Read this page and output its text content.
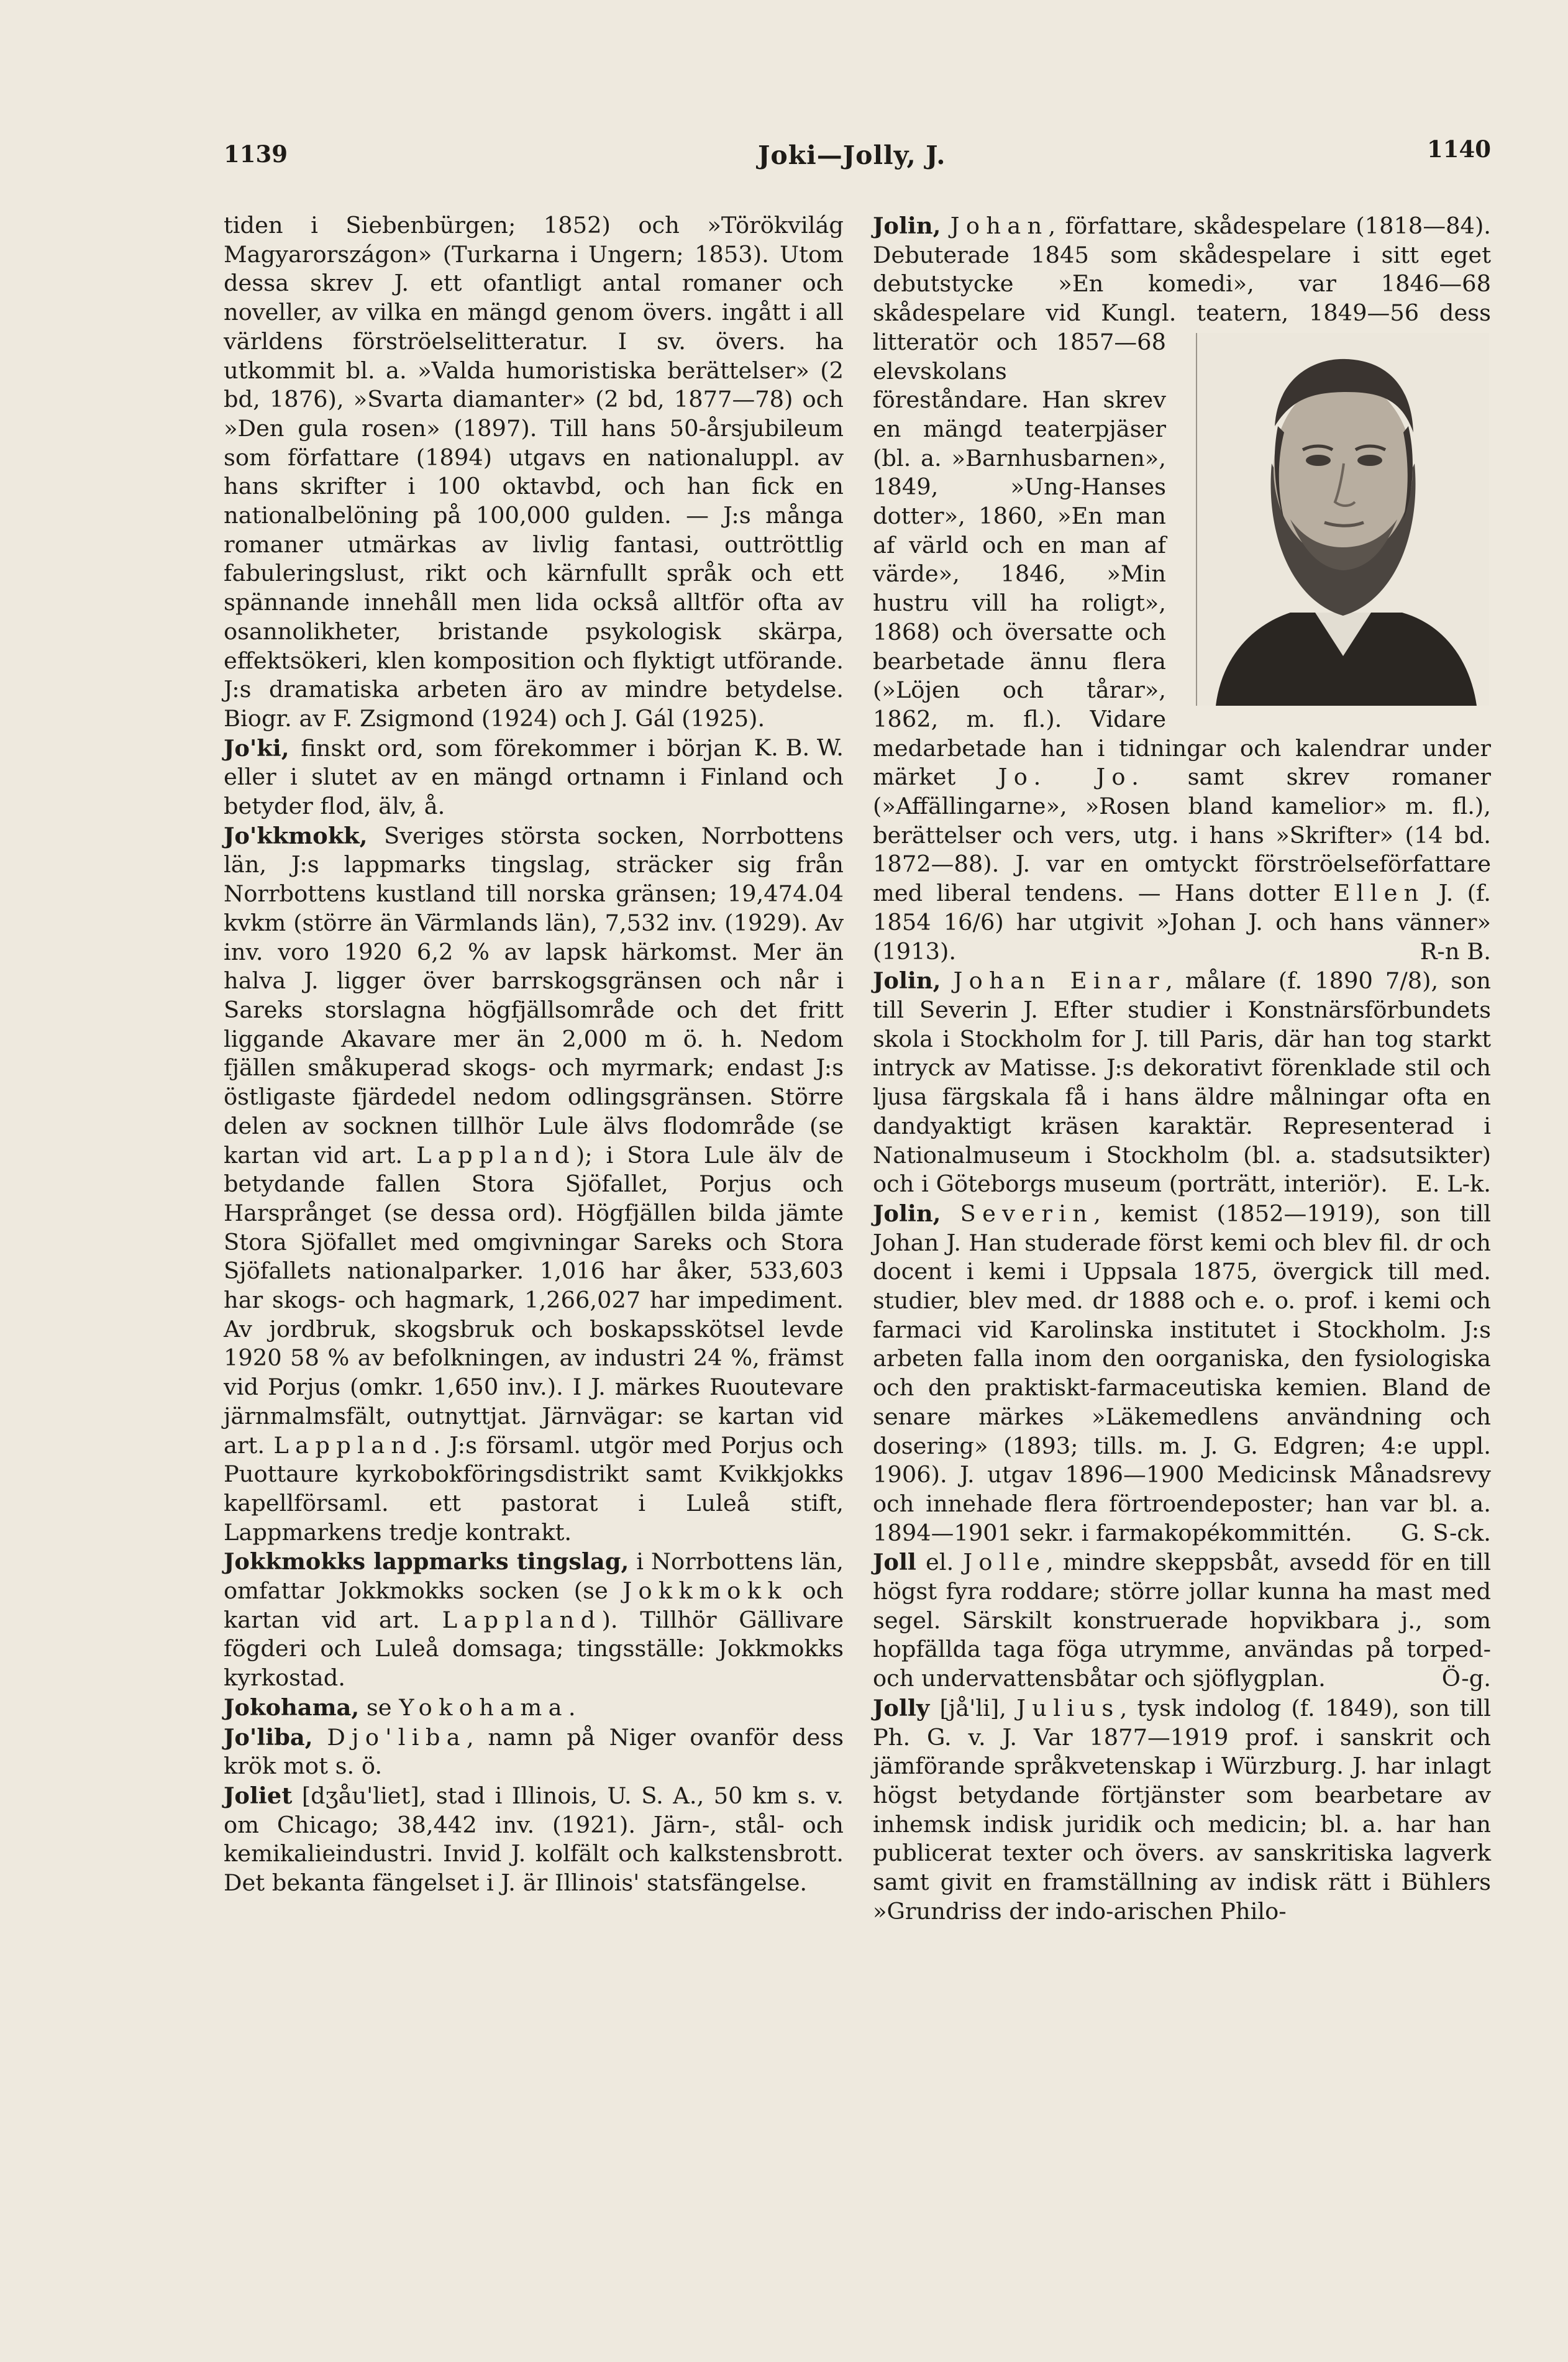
1139	Joki—Jolly, J.	1140

tiden i Siebenbürgen; 1852) och »Törökvilág Magyarországon» (Turkarna i Ungern; 1853). Utom dessa skrev J. ett ofantligt antal romaner och noveller, av vilka en mängd genom övers. ingått i all världens förströelselitteratur. I sv. övers. ha utkommit bl. a. »Valda humoristiska berättelser» (2 bd, 1876), »Svarta diamanter» (2 bd, 1877—78) och »Den gula rosen» (1897). Till hans 50-årsjubileum som författare (1894) utgavs en nationaluppl. av hans skrifter i 100 oktavbd, och han fick en nationalbelöning på 100,000 gulden. — J:s många romaner utmärkas av livlig fantasi, outtröttlig fabuleringslust, rikt och kärnfullt språk och ett spännande innehåll men lida också alltför ofta av osannolikheter, bristande psykologisk skärpa, effektsökeri, klen komposition och flyktigt utförande. J:s dramatiska arbeten äro av mindre betydelse. Biogr. av F. Zsigmond (1924) och J. Gál (1925).
K. B. W.

Jo'ki, finskt ord, som förekommer i början eller i slutet av en mängd ortnamn i Finland och betyder flod, älv, å.

Jo'kkmokk, Sveriges största socken, Norrbottens län, J:s lappmarks tingslag, sträcker sig från Norrbottens kustland till norska gränsen; 19,474.04 kvkm (större än Värmlands län), 7,532 inv. (1929). Av inv. voro 1920 6,2 % av lapsk härkomst. Mer än halva J. ligger över barrskogsgränsen och når i Sareks storslagna högfjällsområde och det fritt liggande Akavare mer än 2,000 m ö. h. Nedom fjällen småkuperad skogs- och myrmark; endast J:s östligaste fjärdedel nedom odlingsgränsen. Större delen av socknen tillhör Lule älvs flodområde (se kartan vid art. Lappland); i Stora Lule älv de betydande fallen Stora Sjöfallet, Porjus och Harsprånget (se dessa ord). Högfjällen bilda jämte Stora Sjöfallet med omgivningar Sareks och Stora Sjöfallets nationalparker. 1,016 har åker, 533,603 har skogs- och hagmark, 1,266,027 har impediment. Av jordbruk, skogsbruk och boskapsskötsel levde 1920 58 % av befolkningen, av industri 24 %, främst vid Porjus (omkr. 1,650 inv.). I J. märkes Ruoutevare järnmalmsfält, outnyttjat. Järnvägar: se kartan vid art. Lappland. J:s församl. utgör med Porjus och Puottaure kyrkobokföringsdistrikt samt Kvikkjokks kapellförsaml. ett pastorat i Luleå stift, Lappmarkens tredje kontrakt.

Jokkmokks lappmarks tingslag, i Norrbottens län, omfattar Jokkmokks socken (se Jokkmokk och kartan vid art. Lappland). Tillhör Gällivare fögderi och Luleå domsaga; tingsställe: Jokkmokks kyrkostad.

Jokohama, se Yokohama.

Jo'liba, Djo'liba, namn på Niger ovanför dess krök mot s. ö.

Joliet [dʒåu'liet], stad i Illinois, U. S. A., 50 km s. v. om Chicago; 38,442 inv. (1921). Järn-, stål- och kemikalieindustri. Invid J. kolfält och kalkstensbrott. Det bekanta fängelset i J. är Illinois' statsfängelse.

Jolin, Johan, författare, skådespelare (1818—84). Debuterade 1845 som skådespelare i sitt eget debutstycke »En komedi», var 1846—68 skådespelare vid Kungl. teatern, 1849—56 dess litteratör och 1857—68 elevskolans föreståndare. Han skrev en mängd teaterpjäser (bl. a. »Barnhusbarnen», 1849, »Ung-Hanses dotter», 1860, »En man af värld och en man af värde», 1846, »Min hustru vill ha roligt», 1868) och översatte och bearbetade ännu flera (»Löjen och tårar», 1862, m. fl.). Vidare medarbetade han i tidningar och kalendrar under märket Jo. Jo. samt skrev romaner (»Affällingarne», »Rosen bland kamelior» m. fl.), berättelser och vers, utg. i hans »Skrifter» (14 bd. 1872—88). J. var en omtyckt förströelseförfattare med liberal tendens. — Hans dotter Ellen J. (f. 1854 16/6) har utgivit »Johan J. och hans vänner» (1913).	R-n B.

Jolin, Johan Einar, målare (f. 1890 7/8), son till Severin J. Efter studier i Konstnärsförbundets skola i Stockholm for J. till Paris, där han tog starkt intryck av Matisse. J:s dekorativt förenklade stil och ljusa färgskala få i hans äldre målningar ofta en dandyaktigt kräsen karaktär. Representerad i Nationalmuseum i Stockholm (bl. a. stadsutsikter) och i Göteborgs museum (porträtt, interiör).	E. L-k.

Jolin, Severin, kemist (1852—1919), son till Johan J. Han studerade först kemi och blev fil. dr och docent i kemi i Uppsala 1875, övergick till med. studier, blev med. dr 1888 och e. o. prof. i kemi och farmaci vid Karolinska institutet i Stockholm. J:s arbeten falla inom den oorganiska, den fysiologiska och den praktiskt-farmaceutiska kemien. Bland de senare märkes »Läkemedlens användning och dosering» (1893; tills. m. J. G. Edgren; 4:e uppl. 1906). J. utgav 1896—1900 Medicinsk Månadsrevy och innehade flera förtroendeposter; han var bl. a. 1894—1901 sekr. i farmakopékommittén.	G. S-ck.

Joll el. Jolle, mindre skeppsbåt, avsedd för en till högst fyra roddare; större jollar kunna ha mast med segel. Särskilt konstruerade hopvikbara j., som hopfällda taga föga utrymme, användas på torped- och undervattensbåtar och sjöflygplan.	Ö-g.

Jolly [jå'li], Julius, tysk indolog (f. 1849), son till Ph. G. v. J. Var 1877—1919 prof. i sanskrit och jämförande språkvetenskap i Würzburg. J. har inlagt högst betydande förtjänster som bearbetare av inhemsk indisk juridik och medicin; bl. a. har han publicerat texter och övers. av sanskritiska lagverk samt givit en framställning av indisk rätt i Bühlers »Grundriss der indo-arischen Philo-
